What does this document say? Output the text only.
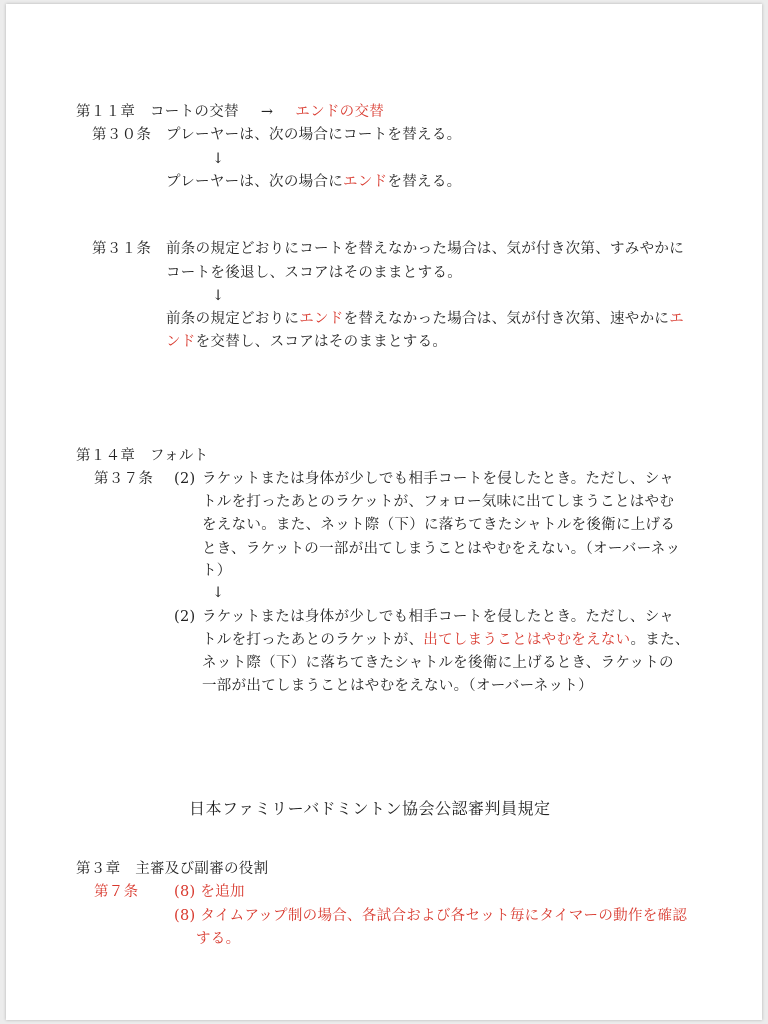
第１１章　コートの交替 → エンドの交替
第３０条 プレーヤーは、次の場合にコートを替える。
↓
プレーヤーは、次の場合にエンドを替える。
第３１条 前条の規定どおりにコートを替えなかった場合は、気が付き次第、すみやかに
コートを後退し、スコアはそのままとする。
↓
前条の規定どおりにエンドを替えなかった場合は、気が付き次第、速やかにエ
ンドを交替し、スコアはそのままとする。
第１４章　フォルト
第３７条 (2) ラケットまたは身体が少しでも相手コートを侵したとき。ただし、シャ
トルを打ったあとのラケットが、フォロー気味に出てしまうことはやむ
をえない。また、ネット際（下）に落ちてきたシャトルを後衛に上げる
とき、ラケットの一部が出てしまうことはやむをえない。（オーバーネッ
ト）
↓
(2) ラケットまたは身体が少しでも相手コートを侵したとき。ただし、シャ
トルを打ったあとのラケットが、出てしまうことはやむをえない。また、
ネット際（下）に落ちてきたシャトルを後衛に上げるとき、ラケットの
一部が出てしまうことはやむをえない。（オーバーネット）
日本ファミリーバドミントン協会公認審判員規定
第３章　主審及び副審の役割
第７条 (8) を追加
(8) タイムアップ制の場合、各試合および各セット毎にタイマーの動作を確認
する。
